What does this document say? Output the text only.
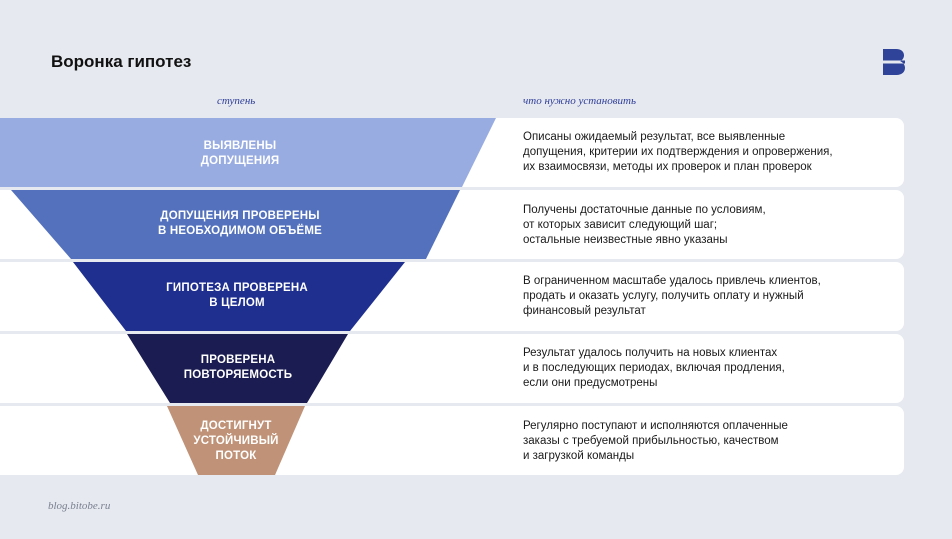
Воронка гипотез
ступень	что нужно установить
ВЫЯВЛЕНЫ
ДОПУЩЕНИЯ
ДОПУЩЕНИЯ ПРОВЕРЕНЫ
В НЕОБХОДИМОМ ОБЪЁМЕ
ГИПОТЕЗА ПРОВЕРЕНА
В ЦЕЛОМ
ПРОВЕРЕНА
ПОВТОРЯЕМОСТЬ
ДОСТИГНУТ
УСТОЙЧИВЫЙ
ПОТОК

Описаны ожидаемый результат, все выявленные
допущения, критерии их подтверждения и опровержения,
их взаимосвязи, методы их проверок и план проверок

Получены достаточные данные по условиям,
от которых зависит следующий шаг;
остальные неизвестные явно указаны

В ограниченном масштабе удалось привлечь клиентов,
продать и оказать услугу, получить оплату и нужный
финансовый результат

Результат удалось получить на новых клиентах
и в последующих периодах, включая продления,
если они предусмотрены

Регулярно поступают и исполняются оплаченные
заказы с требуемой прибыльностью, качеством
и загрузкой команды

blog.bitobe.ru
